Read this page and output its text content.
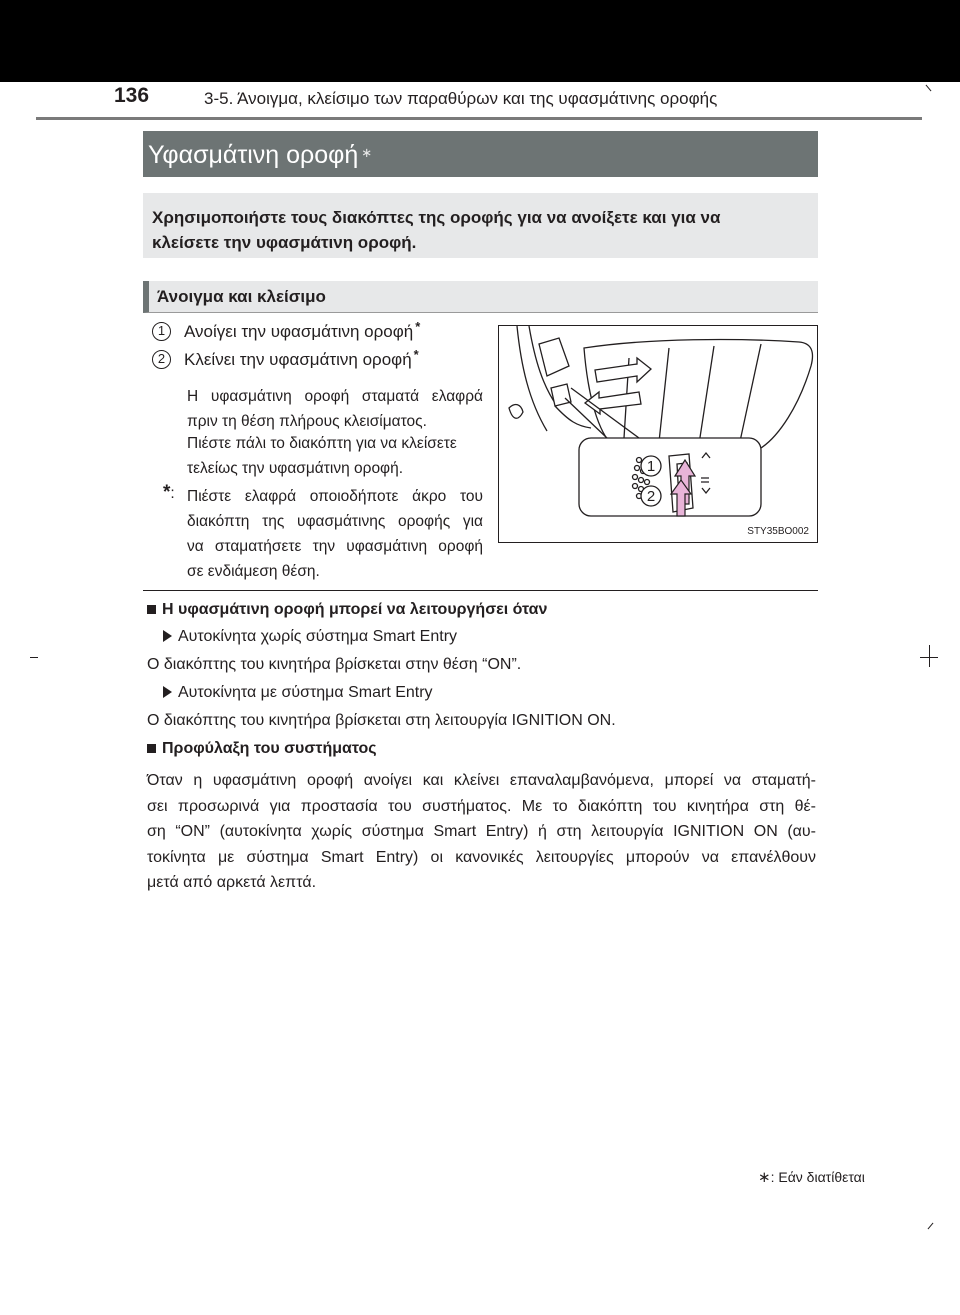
136	3-5. Άνοιγμα, κλείσιμο των παραθύρων και της υφασμάτινης οροφής
Υφασμάτινη οροφή ∗
Χρησιμοποιήστε τους διακόπτες της οροφής για να ανοίξετε και για να
κλείσετε την υφασμάτινη οροφή.
Άνοιγμα και κλείσιμο
1	Ανοίγει την υφασμάτινη οροφή *
2	Κλείνει την υφασμάτινη οροφή *
Η υφασμάτινη οροφή σταματά ελαφρά
πριν τη θέση πλήρους κλεισίματος.
Πιέστε πάλι το διακόπτη για να κλείσετε
τελείως την υφασμάτινη οροφή.
*: Πιέστε ελαφρά οποιοδήποτε άκρο του
διακόπτη της υφασμάτινης οροφής για
να σταματήσετε την υφασμάτινη οροφή
σε ενδιάμεση θέση.
1
2
STY35BO002
Η υφασμάτινη οροφή μπορεί να λειτουργήσει όταν
Αυτοκίνητα χωρίς σύστημα Smart Entry
Ο διακόπτης του κινητήρα βρίσκεται στην θέση “ON”.
Αυτοκίνητα με σύστημα Smart Entry
Ο διακόπτης του κινητήρα βρίσκεται στη λειτουργία IGNITION ON.
Προφύλαξη του συστήματος
Όταν η υφασμάτινη οροφή ανοίγει και κλείνει επαναλαμβανόμενα, μπορεί να σταματή-
σει προσωρινά για προστασία του συστήματος. Με το διακόπτη του κινητήρα στη θέ-
ση “ON” (αυτοκίνητα χωρίς σύστημα Smart Entry) ή στη λειτουργία IGNITION ON (αυ-
τοκίνητα με σύστημα Smart Entry) οι κανονικές λειτουργίες μπορούν να επανέλθουν
μετά από αρκετά λεπτά.
∗: Εάν διατίθεται
